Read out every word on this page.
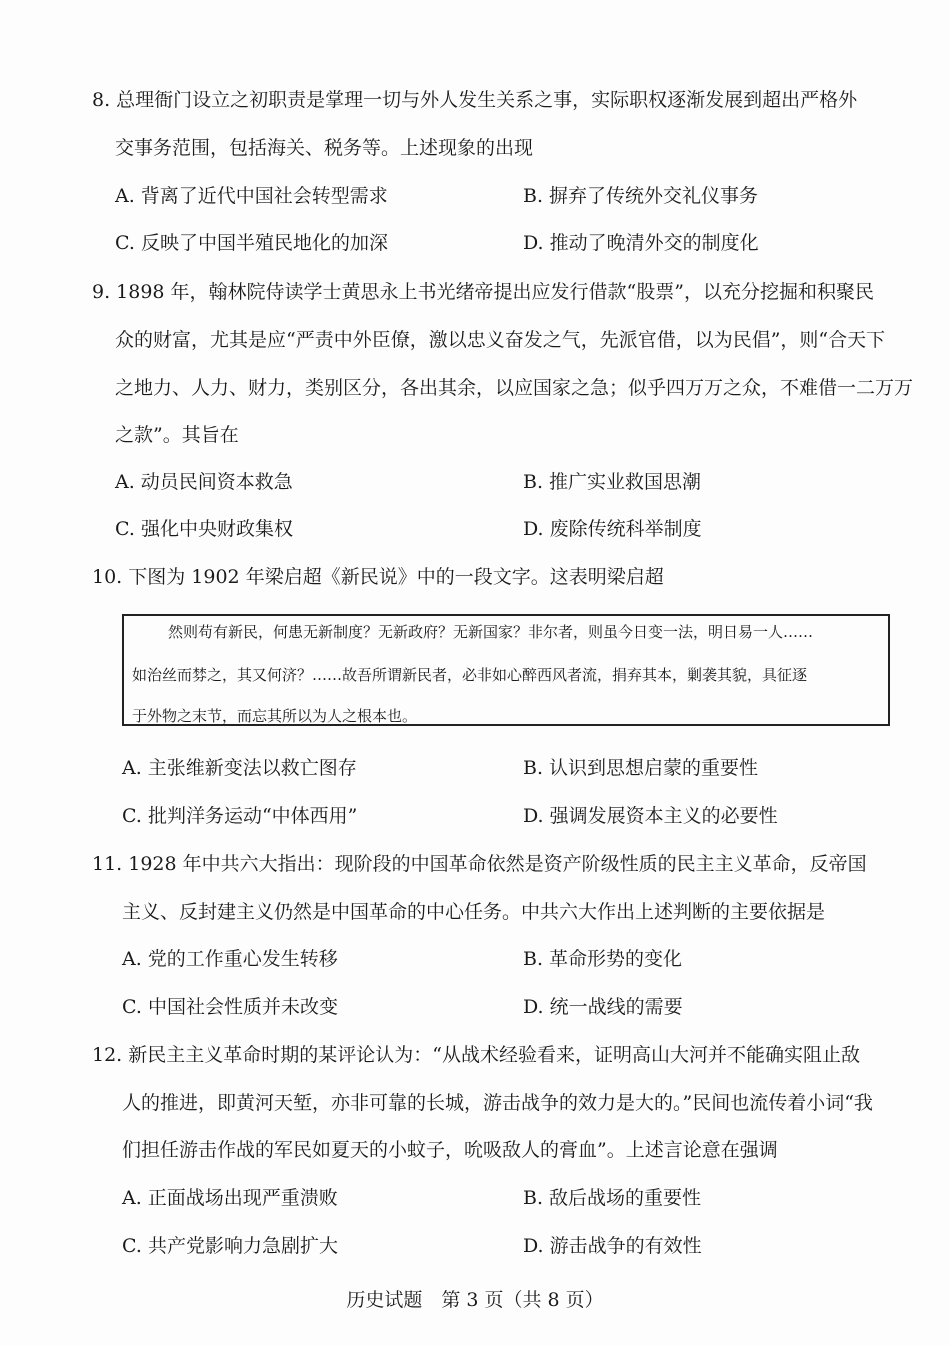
8. 总理衙门设立之初职责是掌理一切与外人发生关系之事，实际职权逐渐发展到超出严格外
交事务范围，包括海关、税务等。上述现象的出现
A. 背离了近代中国社会转型需求	B. 摒弃了传统外交礼仪事务
C. 反映了中国半殖民地化的加深	D. 推动了晚清外交的制度化
9. 1898 年，翰林院侍读学士黄思永上书光绪帝提出应发行借款“股票”，以充分挖掘和积聚民
众的财富，尤其是应“严责中外臣僚，激以忠义奋发之气，先派官借，以为民倡”，则“合天下
之地力、人力、财力，类别区分，各出其余，以应国家之急；似乎四万万之众，不难借一二万万
之款”。其旨在
A. 动员民间资本救急	B. 推广实业救国思潮
C. 强化中央财政集权	D. 废除传统科举制度
10. 下图为 1902 年梁启超《新民说》中的一段文字。这表明梁启超
然则苟有新民，何患无新制度？无新政府？无新国家？非尔者，则虽今日变一法，明日易一人……
如治丝而棼之，其又何济？……故吾所谓新民者，必非如心醉西风者流，捐弃其本，剿袭其貌，具征逐
于外物之末节，而忘其所以为人之根本也。
A. 主张维新变法以救亡图存	B. 认识到思想启蒙的重要性
C. 批判洋务运动“中体西用”	D. 强调发展资本主义的必要性
11. 1928 年中共六大指出：现阶段的中国革命依然是资产阶级性质的民主主义革命，反帝国
主义、反封建主义仍然是中国革命的中心任务。中共六大作出上述判断的主要依据是
A. 党的工作重心发生转移	B. 革命形势的变化
C. 中国社会性质并未改变	D. 统一战线的需要
12. 新民主主义革命时期的某评论认为：“从战术经验看来，证明高山大河并不能确实阻止敌
人的推进，即黄河天堑，亦非可靠的长城，游击战争的效力是大的。”民间也流传着小词“我
们担任游击作战的军民如夏天的小蚊子，吮吸敌人的膏血”。上述言论意在强调
A. 正面战场出现严重溃败	B. 敌后战场的重要性
C. 共产党影响力急剧扩大	D. 游击战争的有效性
历史试题　第 3 页（共 8 页）
